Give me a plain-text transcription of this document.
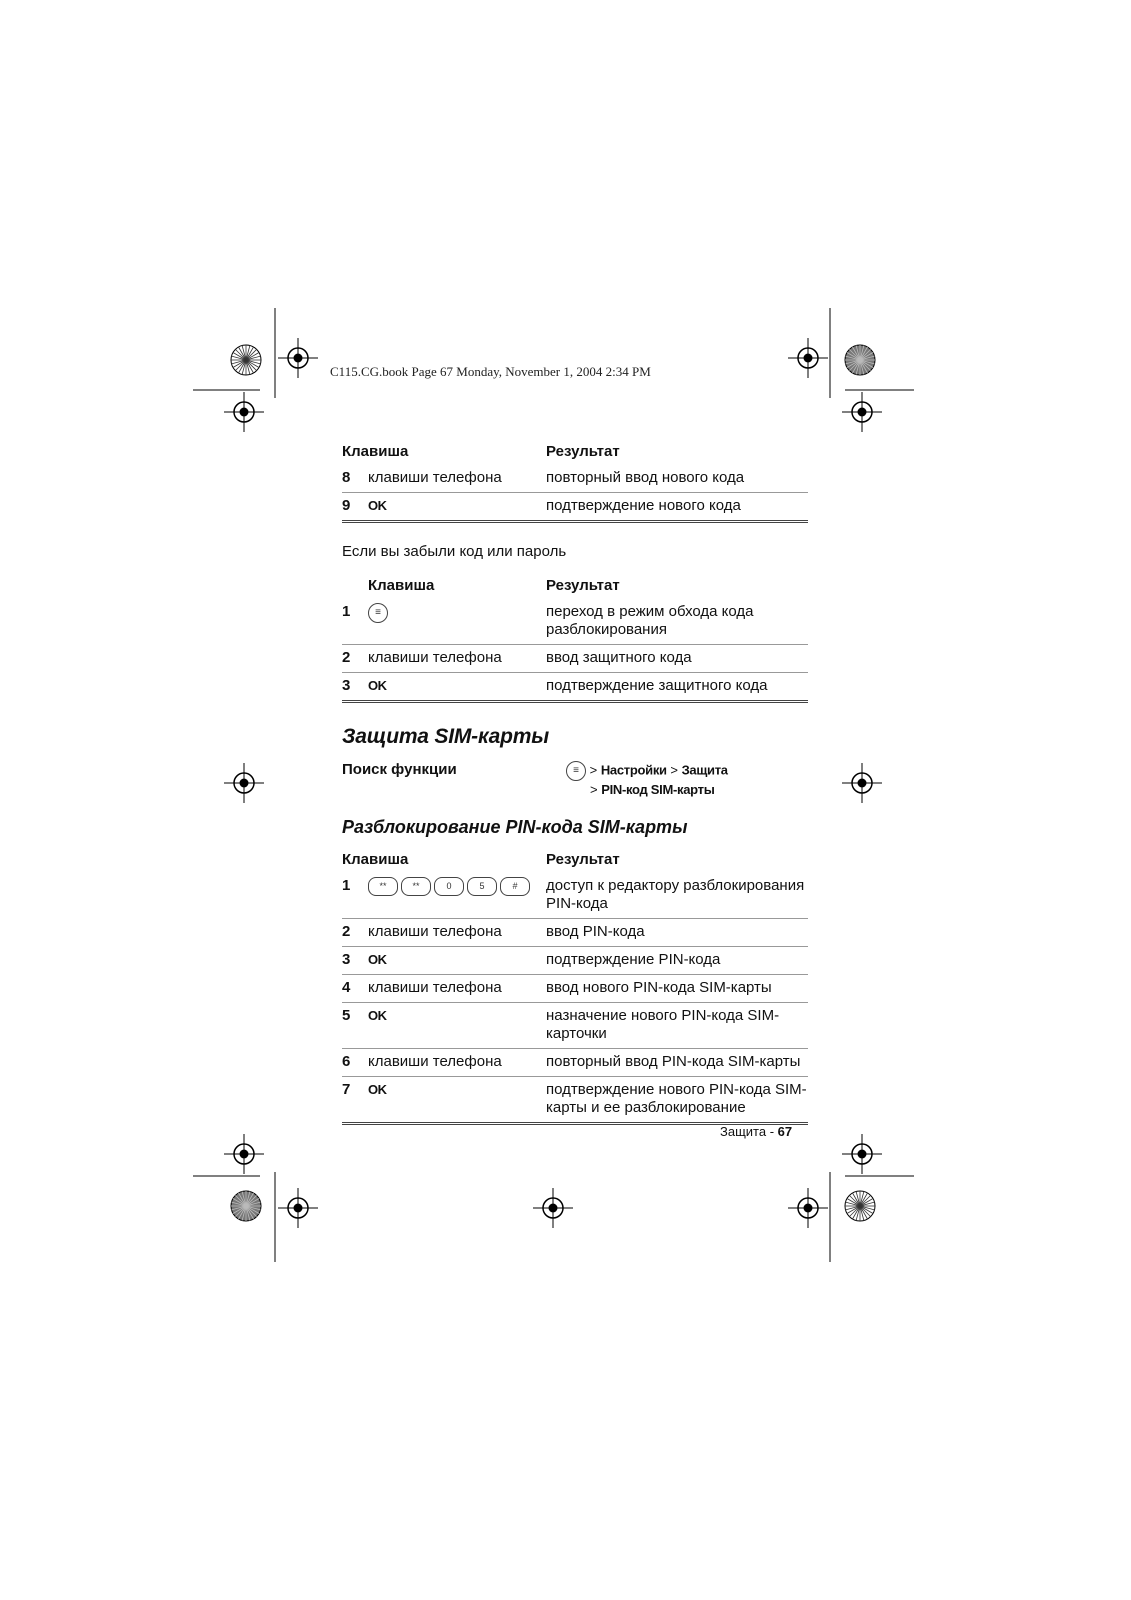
C115.CG.book Page 67 Monday, November 1, 2004 2:34 PM
Клавиша		Результат
8	клавиши телефона	повторный ввод нового кода
9	OK	подтверждение нового кода
Если вы забыли код или пароль
	Клавиша	Результат
1	≡	переход в режим обхода кода разблокирования
2	клавиши телефона	ввод защитного кода
3	OK	подтверждение защитного кода
Защита SIM-карты
Поиск функции	≡ > Настройки > Защита
> PIN-код SIM-карты
Разблокирование PIN-кода SIM-карты
Клавиша		Результат
1	** ** 0 5 #	доступ к редактору разблокирования PIN-кода
2	клавиши телефона	ввод PIN-кода
3	OK	подтверждение PIN-кода
4	клавиши телефона	ввод нового PIN-кода SIM-карты
5	OK	назначение нового PIN-кода SIM-карточки
6	клавиши телефона	повторный ввод PIN-кода SIM-карты
7	OK	подтверждение нового PIN-кода SIM-карты и ее разблокирование
Защита - 67
